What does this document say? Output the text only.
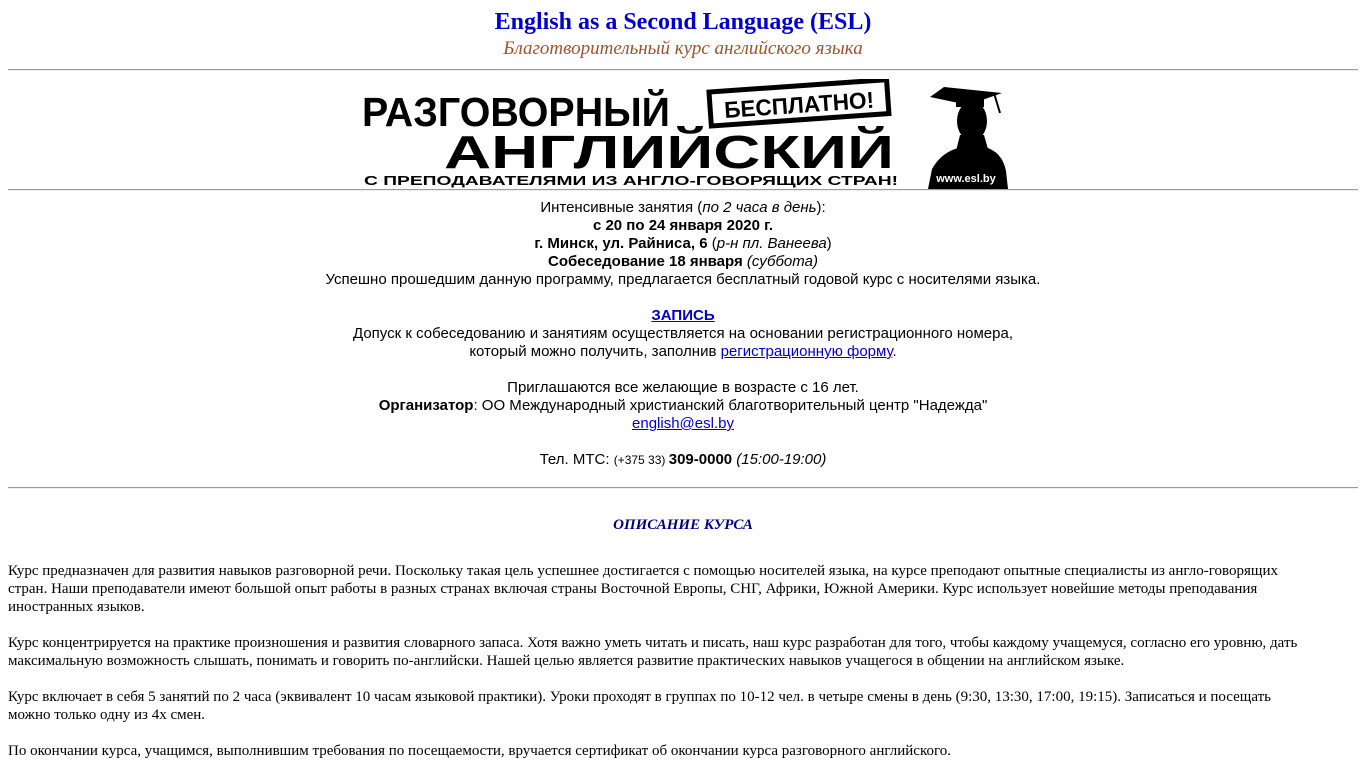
English as a Second Language (ESL)
Благотворительный курс английского языка
РАЗГОВОРНЫЙ БЕСПЛАТНО!
АНГЛИЙСКИЙ
С ПРЕПОДАВАТЕЛЯМИ ИЗ АНГЛО-ГОВОРЯЩИХ СТРАН!	www.esl.by
Интенсивные занятия (по 2 часа в день):
с 20 по 24 января 2020 г.
г. Минск, ул. Райниса, 6 (р-н пл. Ванеева)
Собеседование 18 января (суббота)
Успешно прошедшим данную программу, предлагается бесплатный годовой курс с носителями языка.
ЗАПИСЬ
Допуск к собеседованию и занятиям осуществляется на основании регистрационного номера,
который можно получить, заполнив регистрационную форму.
Приглашаются все желающие в возрасте с 16 лет.
Организатор: ОО Международный христианский благотворительный центр "Надежда"
english@esl.by
Тел. МТС: (+375 33) 309-0000 (15:00-19:00)
ОПИСАНИЕ КУРСА

Курс предназначен для развития навыков разговорной речи. Поскольку такая цель успешнее достигается с помощью носителей языка, на курсе преподают опытные специалисты из англо-говорящих стран. Наши преподаватели имеют большой опыт работы в разных странах включая страны Восточной Европы, СНГ, Африки, Южной Америки. Курс использует новейшие методы преподавания иностранных языков.

Курс концентрируется на практике произношения и развития словарного запаса. Хотя важно уметь читать и писать, наш курс разработан для того, чтобы каждому учащемуся, согласно его уровню, дать максимальную возможность слышать, понимать и говорить по-английски. Нашей целью является развитие практических навыков учащегося в общении на английском языке.

Курс включает в себя 5 занятий по 2 часа (эквивалент 10 часам языковой практики). Уроки проходят в группах по 10-12 чел. в четыре смены в день (9:30, 13:30, 17:00, 19:15). Записаться и посещать можно только одну из 4х смен.

По окончании курса, учащимся, выполнившим требования по посещаемости, вручается сертификат об окончании курса разговорного английского.
